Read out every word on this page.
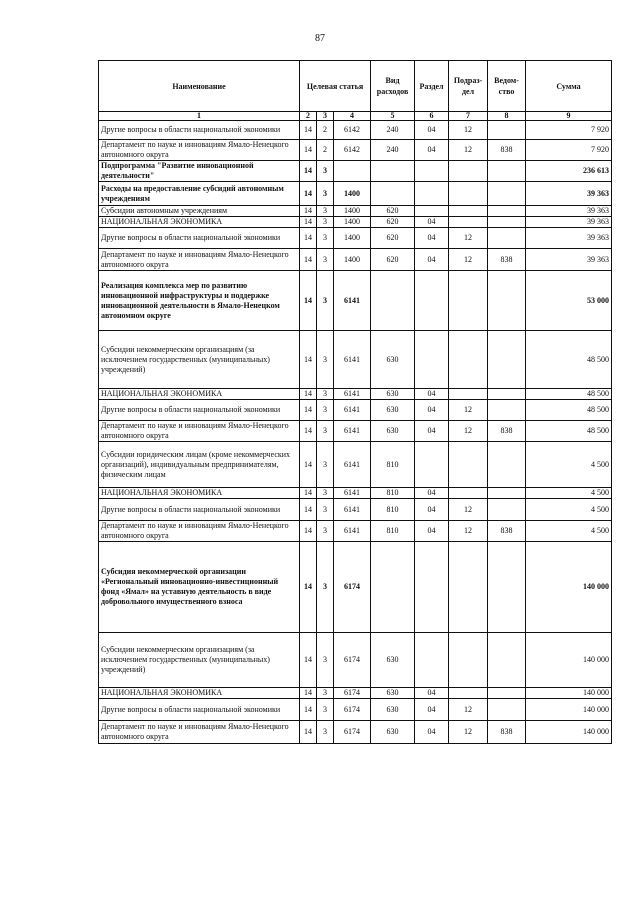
87
Наименование	Целевая статья			Вид расходов	Раздел	Подраз-дел	Ведом-ство	Сумма
1	2	3	4	5	6	7	8	9
Другие вопросы в области национальной экономики	14	2	6142	240	04	12		7 920
Департамент по науке и инновациям Ямало-Ненецкого автономного округа	14	2	6142	240	04	12	838	7 920
Подпрограмма "Развитие инновационной деятельности"	14	3						236 613
Расходы на предоставление субсидий автономным учреждениям	14	3	1400					39 363
Субсидии автономным учреждениям	14	3	1400	620				39 363
НАЦИОНАЛЬНАЯ ЭКОНОМИКА	14	3	1400	620	04			39 363
Другие вопросы в области национальной экономики	14	3	1400	620	04	12		39 363
Департамент по науке и инновациям Ямало-Ненецкого автономного округа	14	3	1400	620	04	12	838	39 363
Реализация комплекса мер по развитию инновационной инфраструктуры и поддержке инновационной деятельности в Ямало-Ненецком автономном округе	14	3	6141					53 000
Субсидии некоммерческим организациям (за исключением государственных (муниципальных) учреждений)	14	3	6141	630				48 500
НАЦИОНАЛЬНАЯ ЭКОНОМИКА	14	3	6141	630	04			48 500
Другие вопросы в области национальной экономики	14	3	6141	630	04	12		48 500
Департамент по науке и инновациям Ямало-Ненецкого автономного округа	14	3	6141	630	04	12	838	48 500
Субсидии юридическим лицам (кроме некоммерческих организаций), индивидуальным предпринимателям, физическим лицам	14	3	6141	810				4 500
НАЦИОНАЛЬНАЯ ЭКОНОМИКА	14	3	6141	810	04			4 500
Другие вопросы в области национальной экономики	14	3	6141	810	04	12		4 500
Департамент по науке и инновациям Ямало-Ненецкого автономного округа	14	3	6141	810	04	12	838	4 500
Субсидия некоммерческой организации «Региональный инновационно-инвестиционный фонд «Ямал» на уставную деятельность в виде добровольного имущественного взноса	14	3	6174					140 000
Субсидии некоммерческим организациям (за исключением государственных (муниципальных) учреждений)	14	3	6174	630				140 000
НАЦИОНАЛЬНАЯ ЭКОНОМИКА	14	3	6174	630	04			140 000
Другие вопросы в области национальной экономики	14	3	6174	630	04	12		140 000
Департамент по науке и инновациям Ямало-Ненецкого автономного округа	14	3	6174	630	04	12	838	140 000
